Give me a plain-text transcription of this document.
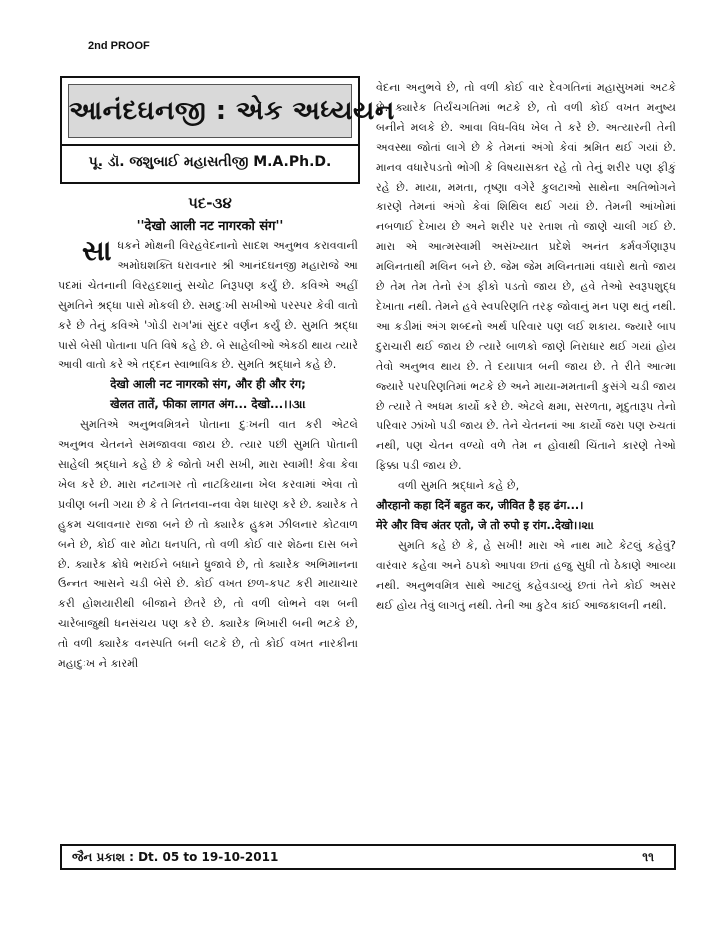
2nd PROOF
આનંદઘનજી : એક અધ્યયન
પૂ. ડૉ. જશુબાઈ મહાસતીજી M.A.Ph.D.
પદ-૩૪
''देखो आली नट नागरको संग''

સાધકને મોક્ષની વિરહવેદનાનો સાદશ અનુભવ કરાવવાની અમોઘશક્તિ ધરાવનાર શ્રી આનંદઘનજી મહારાજે આ પદમાં ચેતનાની વિરહદશાનું સચોટ નિરૂપણ કર્યું છે. કવિએ અહીં સુમતિને શ્રદ્ધા પાસે મોકલી છે. સમદુઃખી સખીઓ પરસ્પર કેવી વાતો કરે છે તેનું કવિએ 'ગોડી રાગ'માં સુંદર વર્ણન કર્યું છે. સુમતિ શ્રદ્ધા પાસે બેસી પોતાના પતિ વિષે કહે છે. બે સાહેલીઓ એકઠી થાય ત્યારે આવી વાતો કરે એ તદ્દન સ્વાભાવિક છે. સુમતિ શ્રદ્ધાને કહે છે.

देखो आली नट नागरको संग, और ही और रंग;
खेलत तातें, फीका लागत अंग... देखो...।।૩।।

સુમતિએ અનુભવમિત્રને પોતાના દુઃખની વાત કરી એટલે અનુભવ ચેતનને સમજાવવા જાય છે. ત્યાર પછી સુમતિ પોતાની સાહેલી શ્રદ્ધાને કહે છે કે જોતો ખરી સખી, મારા સ્વામી! કેવા કેવા ખેલ કરે છે. મારા નટનાગર તો નાટકિયાના ખેલ કરવામાં એવા તો પ્રવીણ બની ગયા છે કે તે નિતનવા-નવા વેશ ધારણ કરે છે. ક્યારેક તે હુકમ ચલાવનાર રાજા બને છે તો ક્યારેક હુકમ ઝીલનાર કોટવાળ બને છે, કોઈ વાર મોટા ધનપતિ, તો વળી કોઈ વાર શેઠના દાસ બને છે. ક્યારેક ક્રોધે ભરાઈને બધાને ધ્રુજાવે છે, તો ક્યારેક અભિમાનના ઉન્નત આસને ચડી બેસે છે. કોઈ વખત છળ-કપટ કરી માયાચાર કરી હોશયારીથી બીજાને છેતરે છે, તો વળી લોભને વશ બની ચારેબાજુથી ધનસંચય પણ કરે છે. ક્યારેક ભિખારી બની ભટકે છે, તો વળી ક્યારેક વનસ્પતિ બની લટકે છે, તો કોઈ વખત નારકીના મહાદુઃખ ને કારમી

વેદના અનુભવે છે, તો વળી કોઈ વાર દેવગતિનાં મહાસુખમાં અટકે છે. ક્યારેક તિર્યંચગતિમાં ભટકે છે, તો વળી કોઈ વખત મનુષ્ય બનીને મલકે છે. આવા વિધ-વિધ ખેલ તે કરે છે. અત્યારની તેની અવસ્થા જોતાં લાગે છે કે તેમનાં અંગો કેવાં શ્રમિત થઈ ગયાં છે. માનવ વધારેપડતો ભોગી કે વિષયાસક્ત રહે તો તેનું શરીર પણ ફીકું રહે છે. માયા, મમતા, તૃષ્ણા વગેરે કુલટાઓ સાથેના અતિભોગને કારણે તેમનાં અંગો કેવાં શિથિલ થઈ ગયાં છે. તેમની આંખોમાં નબળાઈ દેખાય છે અને શરીર પર રતાશ તો જાણે ચાલી ગઈ છે. મારા એ આત્મસ્વામી અસંખ્યાત પ્રદેશે અનંત કર્મવર્ગણારૂપ મલિનતાથી મલિન બને છે. જેમ જેમ મલિનતામાં વધારો થતો જાય છે તેમ તેમ તેનો રંગ ફીકો પડતો જાય છે, હવે તેઓ સ્વરૂપશુદ્ધ દેખાતા નથી. તેમને હવે સ્વપરિણતિ તરફ જોવાનું મન પણ થતું નથી. આ કડીમાં અંગ શબ્દનો અર્થ પરિવાર પણ લઈ શકાય. જ્યારે બાપ દુરાચારી થઈ જાય છે ત્યારે બાળકો જાણે નિરાધાર થઈ ગયાં હોય તેવો અનુભવ થાય છે. તે દયાપાત્ર બની જાય છે. તે રીતે આત્મા જ્યારે પરપરિણતિમાં ભટકે છે અને માયા-મમતાની કુસંગે ચડી જાય છે ત્યારે તે અધમ કાર્યો કરે છે. એટલે ક્ષમા, સરળતા, મૃદુતારૂપ તેનો પરિવાર ઝાંખો પડી જાય છે. તેને ચેતનનાં આ કાર્યો જરા પણ રુચતાં નથી, પણ ચેતન વળ્યો વળે તેમ ન હોવાથી ચિંતાને કારણે તેઓ ફિક્કા પડી જાય છે.

વળી સુમતિ શ્રદ્ધાને કહે છે,

औरहानो कहा दिनें बहुत कर, जीवित है इह ढंग...।
मेरे और विच अंतर एतो, जे तो रुपो इ रांग..देखो।।૨।।

સુમતિ કહે છે કે, હે સખી! મારા એ નાથ માટે કેટલું કહેવું? વારંવાર કહેવા અને ઠપકો આપવા છતાં હજુ સુધી તો ઠેકાણે આવ્યા નથી. અનુભવમિત્ર સાથે આટલું કહેવડાવ્યું છતાં તેને કોઈ અસર થઈ હોય તેવું લાગતું નથી. તેની આ કુટેવ કાંઈ આજકાલની નથી.

જૈન પ્રકાશ : Dt. 05 to 19-10-2011	૧૧
